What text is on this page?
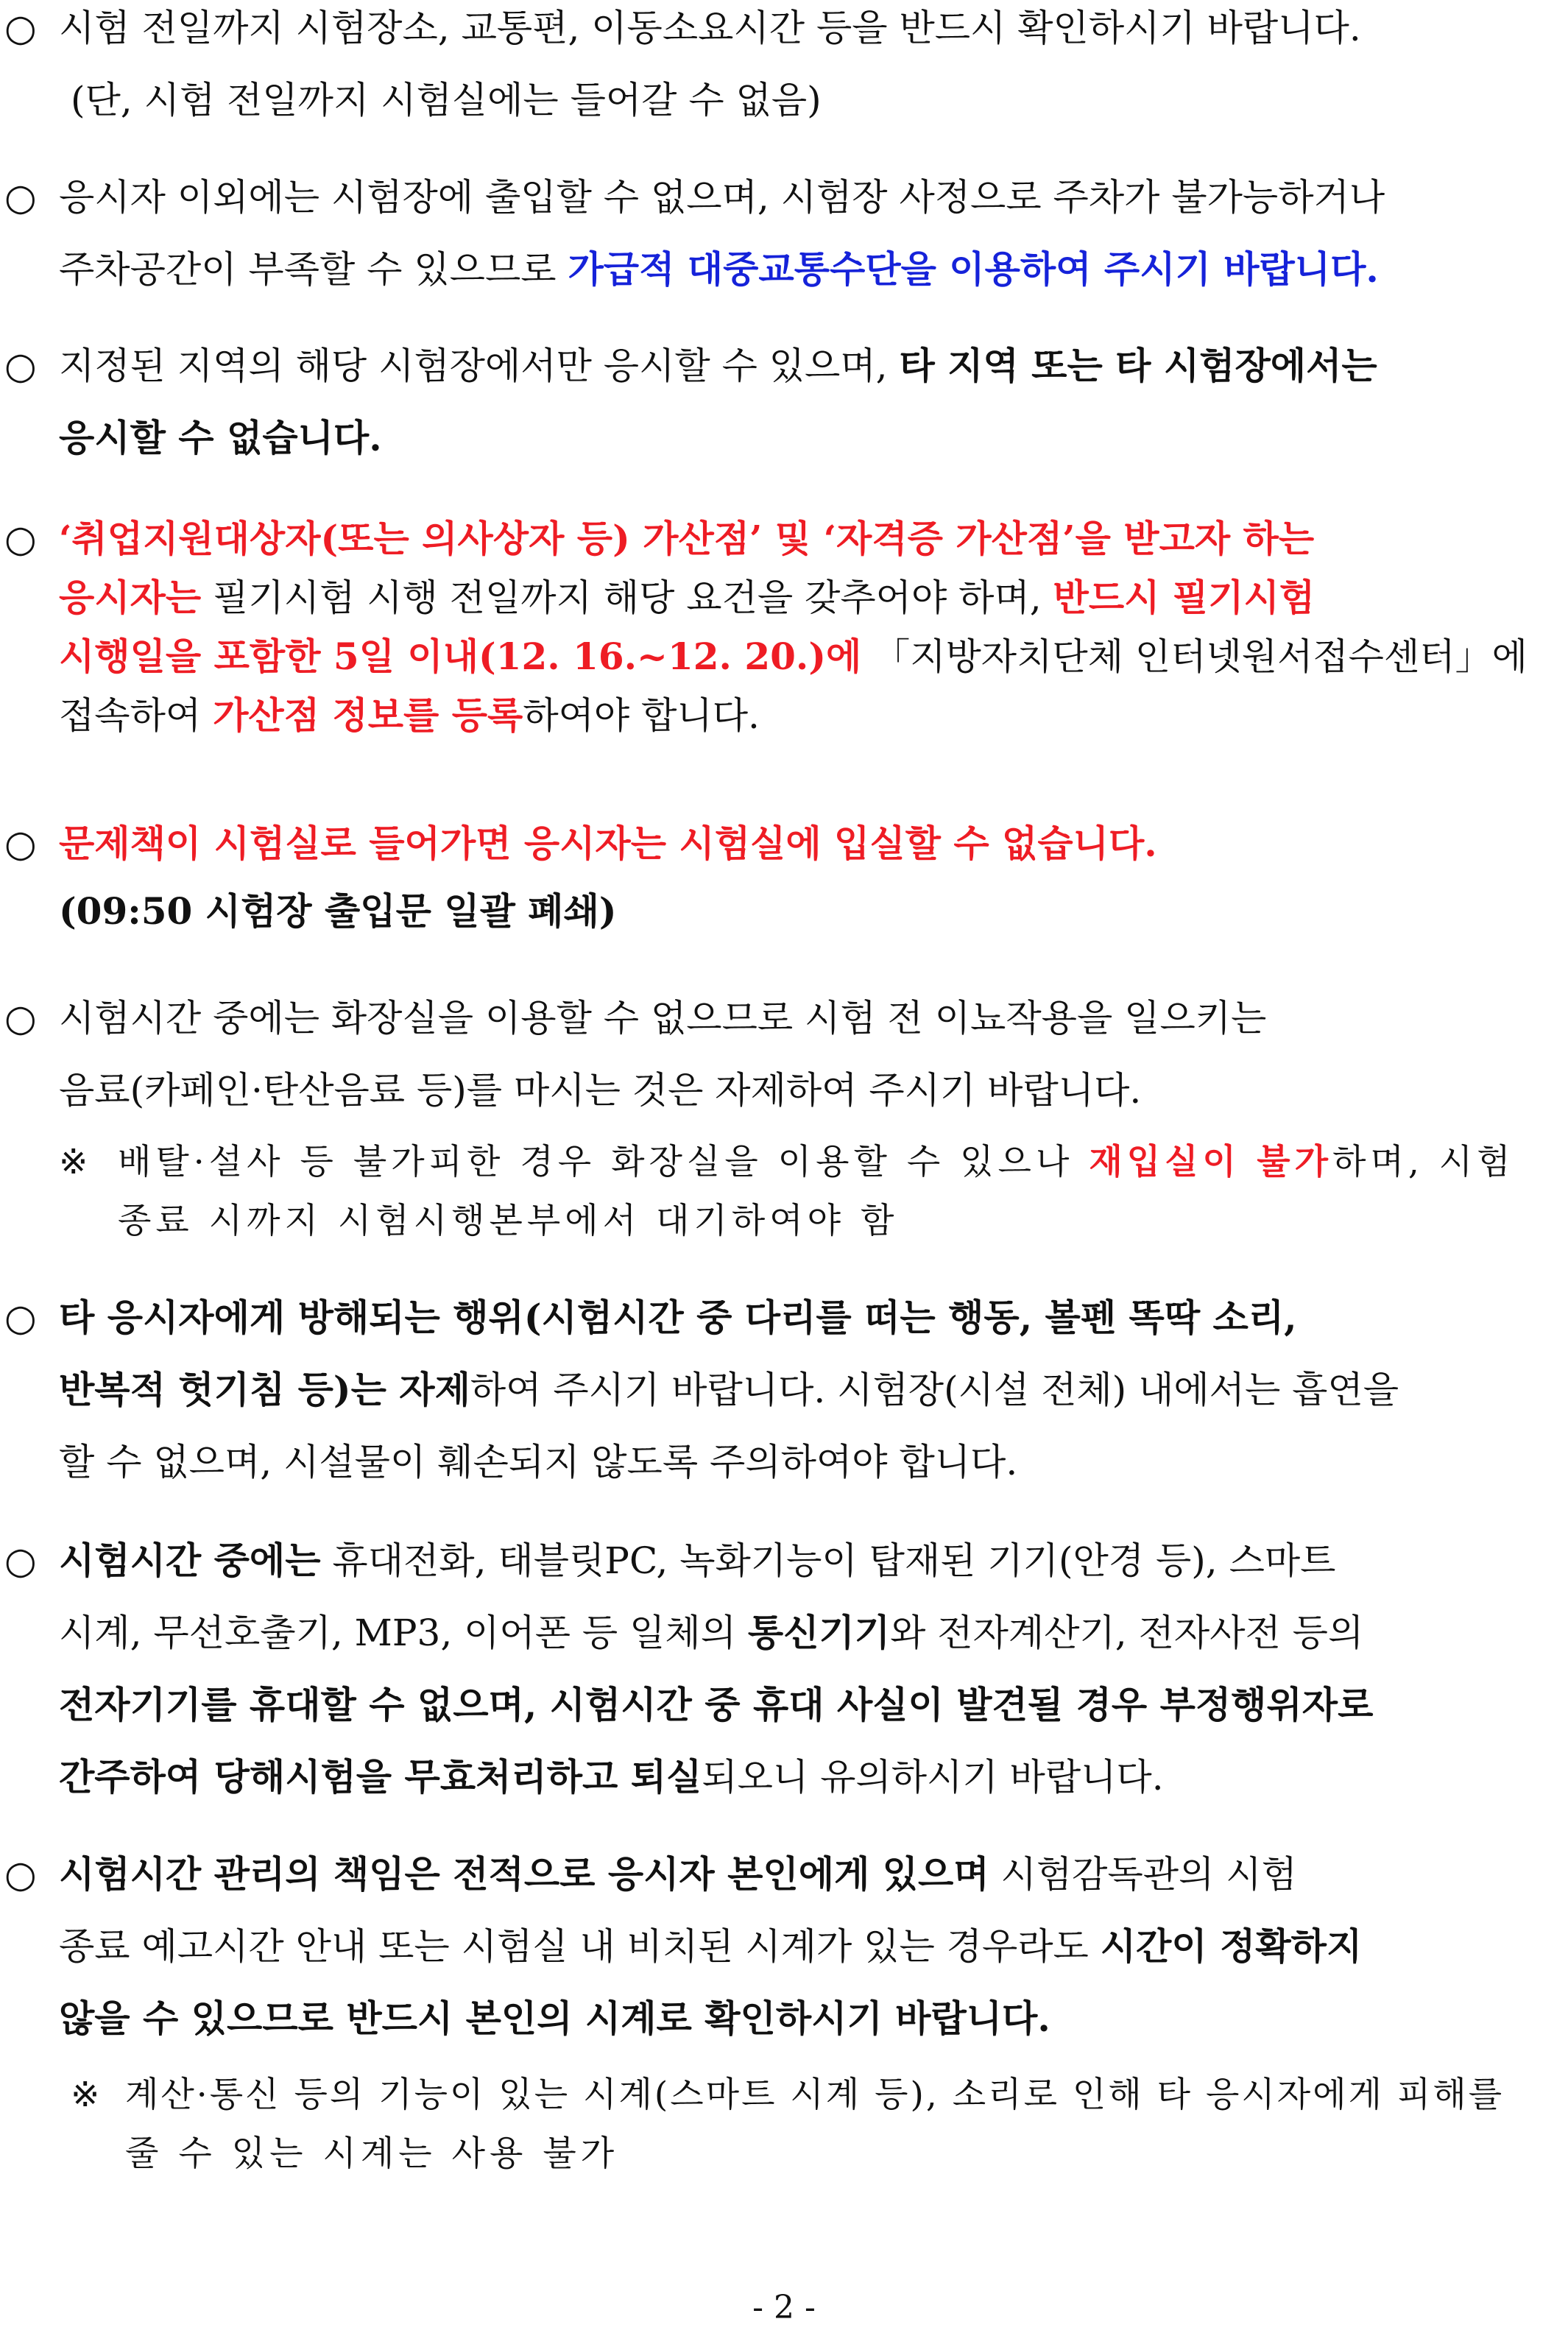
○ 시험 전일까지 시험장소, 교통편, 이동소요시간 등을 반드시 확인하시기 바랍니다.
(단, 시험 전일까지 시험실에는 들어갈 수 없음)
○ 응시자 이외에는 시험장에 출입할 수 없으며, 시험장 사정으로 주차가 불가능하거나
주차공간이 부족할 수 있으므로 가급적 대중교통수단을 이용하여 주시기 바랍니다.
○ 지정된 지역의 해당 시험장에서만 응시할 수 있으며, 타 지역 또는 타 시험장에서는
응시할 수 없습니다.
○ ‘취업지원대상자(또는 의사상자 등) 가산점’ 및 ‘자격증 가산점’을 받고자 하는
응시자는 필기시험 시행 전일까지 해당 요건을 갖추어야 하며, 반드시 필기시험
시행일을 포함한 5일 이내(12. 16.~12. 20.)에 「지방자치단체 인터넷원서접수센터」에
접속하여 가산점 정보를 등록하여야 합니다.
○ 문제책이 시험실로 들어가면 응시자는 시험실에 입실할 수 없습니다.
(09:50 시험장 출입문 일괄 폐쇄)
○ 시험시간 중에는 화장실을 이용할 수 없으므로 시험 전 이뇨작용을 일으키는
음료(카페인·탄산음료 등)를 마시는 것은 자제하여 주시기 바랍니다.
※ 배탈·설사 등 불가피한 경우 화장실을 이용할 수 있으나 재입실이 불가하며, 시험
종료 시까지 시험시행본부에서 대기하여야 함
○ 타 응시자에게 방해되는 행위(시험시간 중 다리를 떠는 행동, 볼펜 똑딱 소리,
반복적 헛기침 등)는 자제하여 주시기 바랍니다. 시험장(시설 전체) 내에서는 흡연을
할 수 없으며, 시설물이 훼손되지 않도록 주의하여야 합니다.
○ 시험시간 중에는 휴대전화, 태블릿PC, 녹화기능이 탑재된 기기(안경 등), 스마트
시계, 무선호출기, MP3, 이어폰 등 일체의 통신기기와 전자계산기, 전자사전 등의
전자기기를 휴대할 수 없으며, 시험시간 중 휴대 사실이 발견될 경우 부정행위자로
간주하여 당해시험을 무효처리하고 퇴실되오니 유의하시기 바랍니다.
○ 시험시간 관리의 책임은 전적으로 응시자 본인에게 있으며 시험감독관의 시험
종료 예고시간 안내 또는 시험실 내 비치된 시계가 있는 경우라도 시간이 정확하지
않을 수 있으므로 반드시 본인의 시계로 확인하시기 바랍니다.
※ 계산·통신 등의 기능이 있는 시계(스마트 시계 등), 소리로 인해 타 응시자에게 피해를
줄 수 있는 시계는 사용 불가
- 2 -
